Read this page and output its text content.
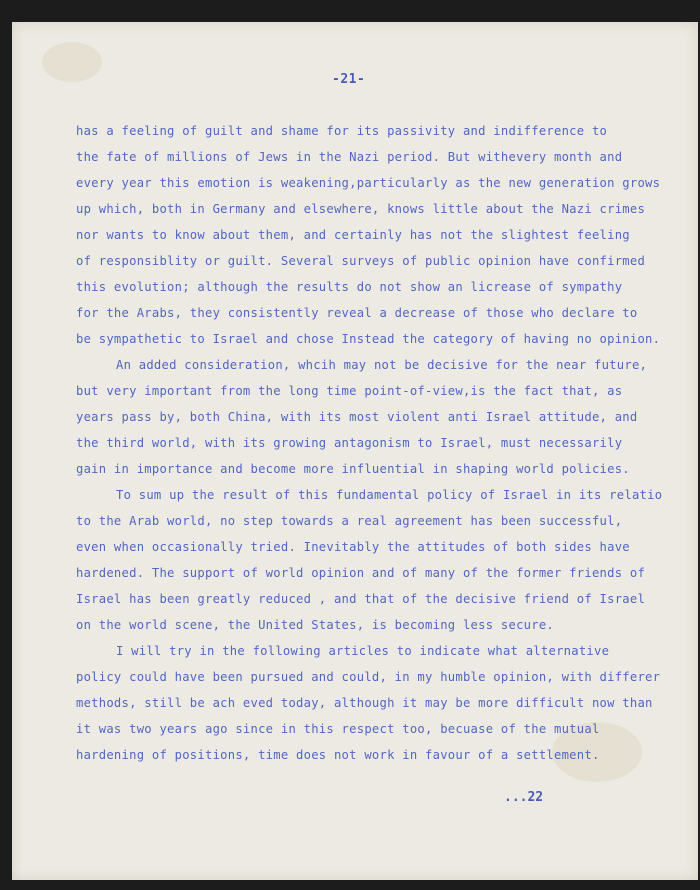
-21-
has a feeling of guilt and shame for its passivity and indifference to
the fate of millions of Jews in the Nazi period. But withevery month and
every year this emotion is weakening,particularly as the new generation grows
up which, both in Germany and elsewhere, knows little about the Nazi crimes
nor wants to know about them, and certainly has not the slightest feeling
of responsiblity or guilt. Several surveys of public opinion have confirmed
this evolution; although the results do not show an licrease of sympathy
for the Arabs, they consistently reveal a decrease of those who declare to
be sympathetic to Israel and chose Instead the category of having no opinion.
An added consideration, whcih may not be decisive for the near future,
but very important from the long time point-of-view,is the fact that, as
years pass by, both China, with its most violent anti Israel attitude, and
the third world, with its growing antagonism to Israel, must necessarily
gain in importance and become more influential in shaping world policies.
To sum up the result of this fundamental policy of Israel in its relatio
to the Arab world, no step towards a real agreement has been successful,
even when occasionally tried. Inevitably the attitudes of both sides have
hardened. The support of world opinion and of many of the former friends of
Israel has been greatly reduced , and that of the decisive friend of Israel
on the world scene, the United States, is becoming less secure.
I will try in the following articles to indicate what alternative
policy could have been pursued and could, in my humble opinion, with differer
methods, still be ach eved today, although it may be more difficult now than
it was two years ago since in this respect too, becuase of the mutual
hardening of positions, time does not work in favour of a settlement.
...22
